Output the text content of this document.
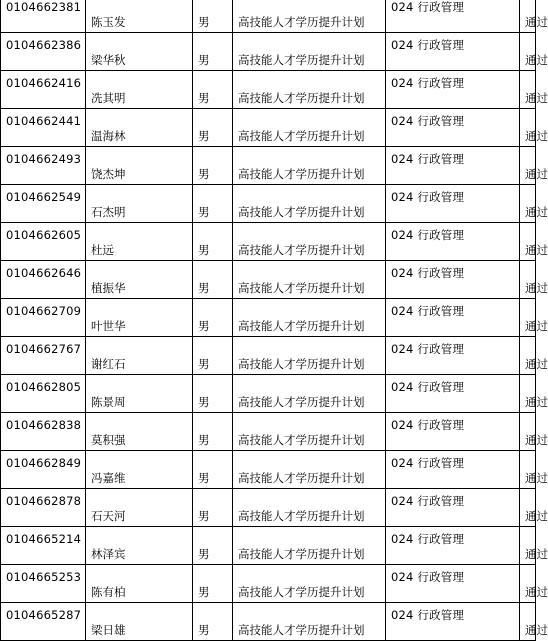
0104662381	陈玉发	男	高技能人才学历提升计划	024 行政管理	通过
0104662386	梁华秋	男	高技能人才学历提升计划	024 行政管理	通过
0104662416	冼其明	男	高技能人才学历提升计划	024 行政管理	通过
0104662441	温海林	男	高技能人才学历提升计划	024 行政管理	通过
0104662493	饶杰坤	男	高技能人才学历提升计划	024 行政管理	通过
0104662549	石杰明	男	高技能人才学历提升计划	024 行政管理	通过
0104662605	杜远	男	高技能人才学历提升计划	024 行政管理	通过
0104662646	植振华	男	高技能人才学历提升计划	024 行政管理	通过
0104662709	叶世华	男	高技能人才学历提升计划	024 行政管理	通过
0104662767	谢红石	男	高技能人才学历提升计划	024 行政管理	通过
0104662805	陈景周	男	高技能人才学历提升计划	024 行政管理	通过
0104662838	莫积强	男	高技能人才学历提升计划	024 行政管理	通过
0104662849	冯嘉维	男	高技能人才学历提升计划	024 行政管理	通过
0104662878	石天河	男	高技能人才学历提升计划	024 行政管理	通过
0104665214	林泽宾	男	高技能人才学历提升计划	024 行政管理	通过
0104665253	陈有柏	男	高技能人才学历提升计划	024 行政管理	通过
0104665287	梁日雄	男	高技能人才学历提升计划	024 行政管理	通过
